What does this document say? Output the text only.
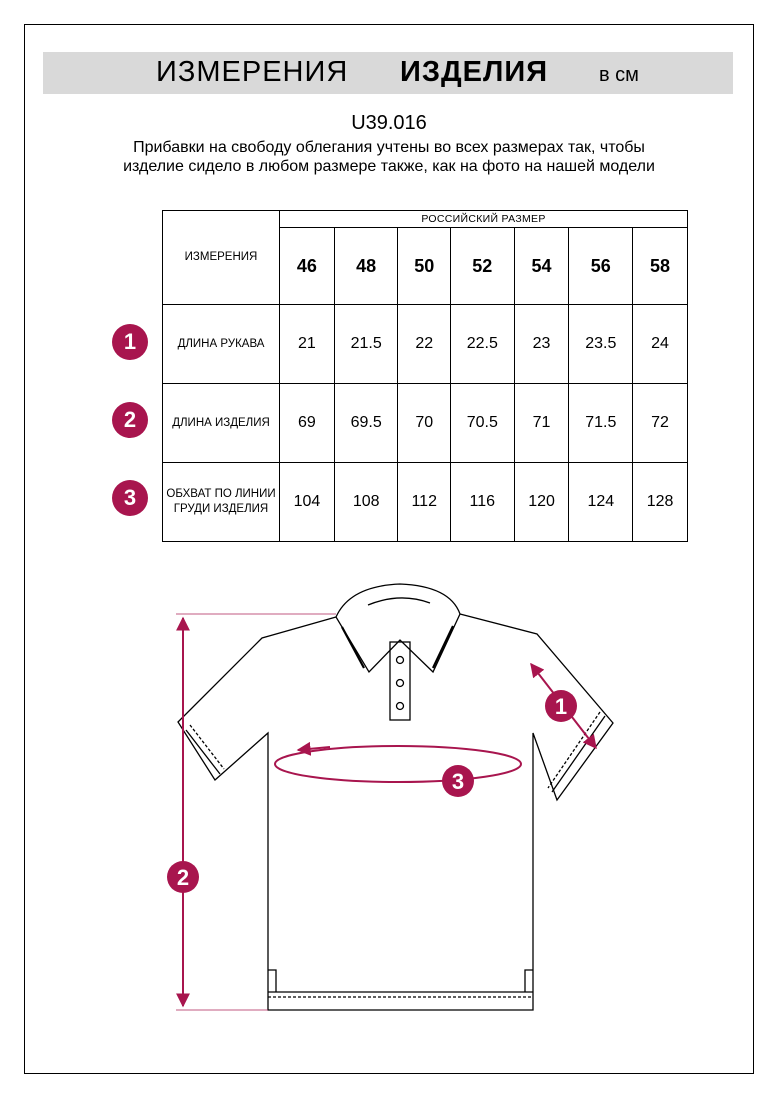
ИЗМЕРЕНИЯ ИЗДЕЛИЯ	в см
U39.016
Прибавки на свободу облегания учтены во всех размерах так, чтобы изделие сидело в любом размере также, как на фото на нашей модели
ИЗМЕРЕНИЯ	РОССИЙСКИЙ РАЗМЕР						
	46	48	50	52	54	56	58
ДЛИНА РУКАВА	21	21.5	22	22.5	23	23.5	24
ДЛИНА ИЗДЕЛИЯ	69	69.5	70	70.5	71	71.5	72
ОБХВАТ ПО ЛИНИИ ГРУДИ ИЗДЕЛИЯ	104	108	112	116	120	124	128
1
2
3
1
2
3
